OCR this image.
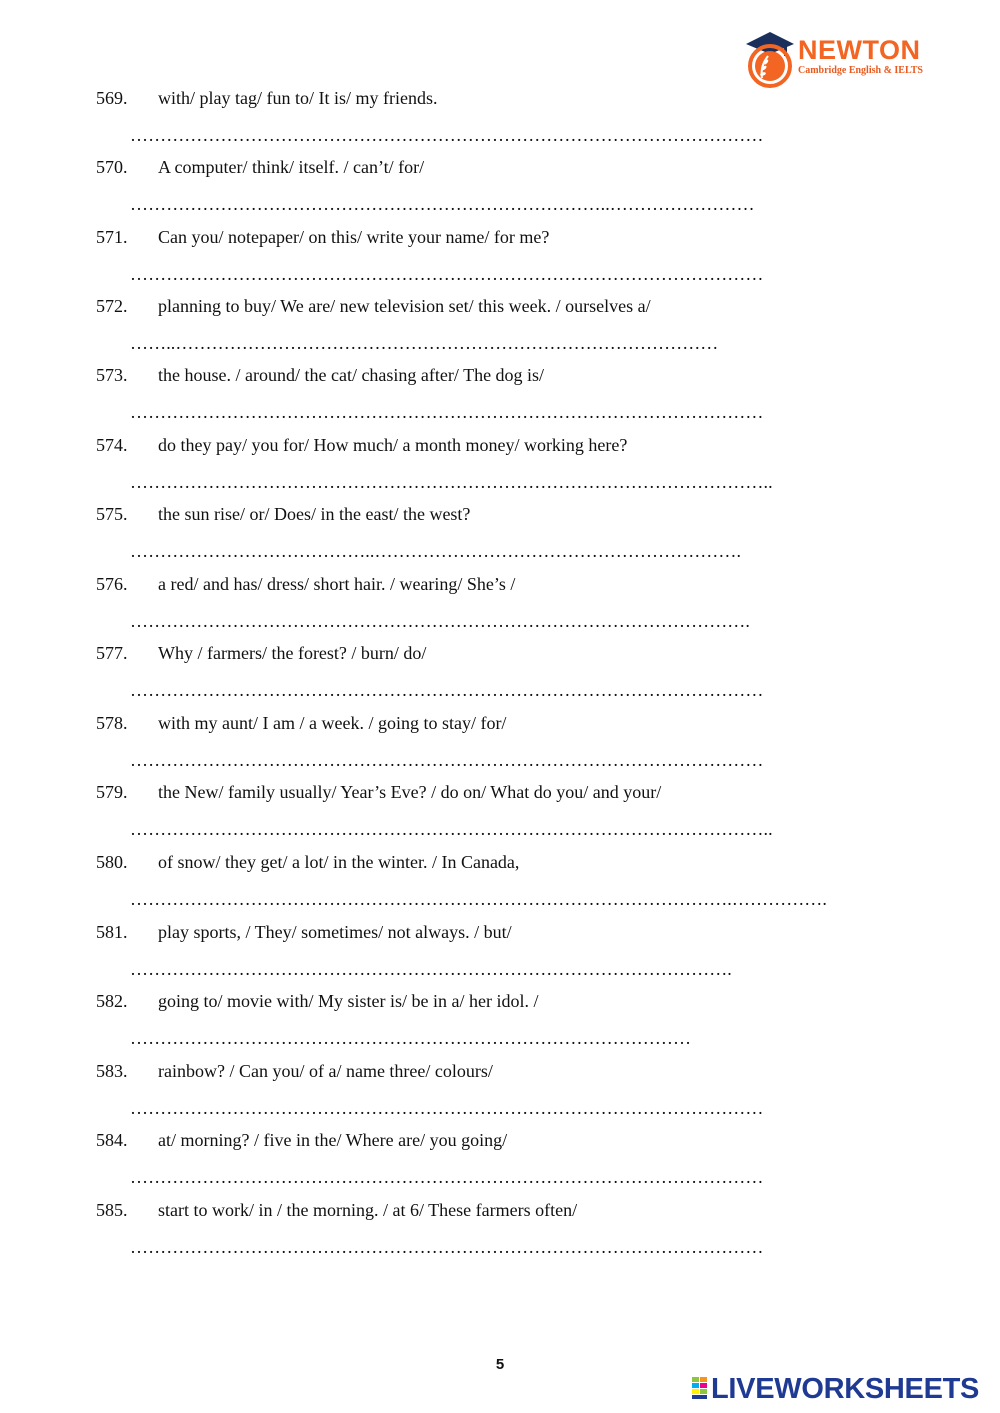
NEWTON
Cambridge English & IELTS
569. with/ play tag/ fun to/ It is/ my friends.
……………………………………………………………………………………………
570. A computer/ think/ itself. / can’t/ for/
……………………………………………………………………..……………………
571. Can you/ notepaper/ on this/ write your name/ for me?
……………………………………………………………………………………………
572. planning to buy/ We are/ new television set/ this week. / ourselves a/
……..………………………………………………………………………………
573. the house. / around/ the cat/ chasing after/ The dog is/
……………………………………………………………………………………………
574. do they pay/ you for/ How much/ a month money/ working here?
……………………………………………………………………………………………..
575. the sun rise/ or/ Does/ in the east/ the west?
…………………………………..…………………………………………………….
576. a red/ and has/ dress/ short hair. / wearing/ She’s /
………………………………………………………………………………………….
577. Why / farmers/ the forest? / burn/ do/
……………………………………………………………………………………………
578. with my aunt/ I am / a week. / going to stay/ for/
……………………………………………………………………………………………
579. the New/ family usually/ Year’s Eve? / do on/ What do you/ and your/
……………………………………………………………………………………………..
580. of snow/ they get/ a lot/ in the winter. / In Canada,
……………………………………………………………………………………….…………….
581. play sports, / They/ sometimes/ not always. / but/
……………………………………………………………………………………….
582. going to/ movie with/ My sister is/ be in a/ her idol. /
…………………………………………………………………………………
583. rainbow? / Can you/ of a/ name three/ colours/
……………………………………………………………………………………………
584. at/ morning? / five in the/ Where are/ you going/
……………………………………………………………………………………………
585. start to work/ in / the morning. / at 6/ These farmers often/
……………………………………………………………………………………………
5
LIVEWORKSHEETS
